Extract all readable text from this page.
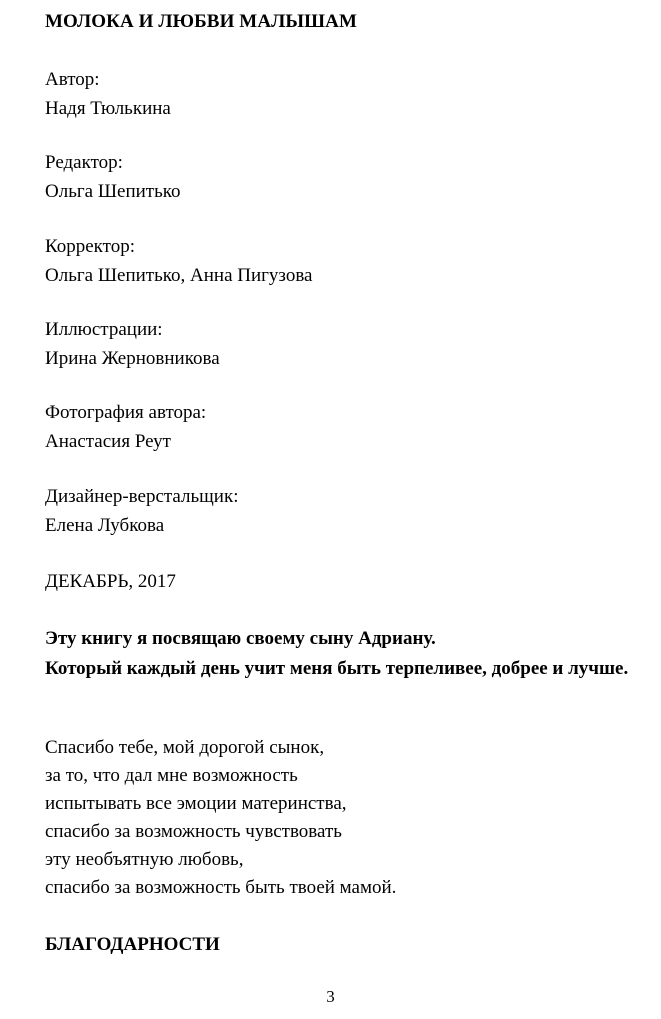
МОЛОКА И ЛЮБВИ МАЛЫШАМ
Автор:
Надя Тюлькина
Редактор:
Ольга Шепитько
Корректор:
Ольга Шепитько, Анна Пигузова
Иллюстрации:
Ирина Жерновникова
Фотография автора:
Анастасия Реут
Дизайнер-верстальщик:
Елена Лубкова
ДЕКАБРЬ, 2017

Эту книгу я посвящаю своему сыну Адриану.

Который каждый день учит меня быть терпеливее, добрее и лучше.

Спасибо тебе, мой дорогой сынок,
за то, что дал мне возможность
испытывать все эмоции материнства,
спасибо за возможность чувствовать
эту необъятную любовь,
спасибо за возможность быть твоей мамой.
БЛАГОДАРНОСТИ
3
